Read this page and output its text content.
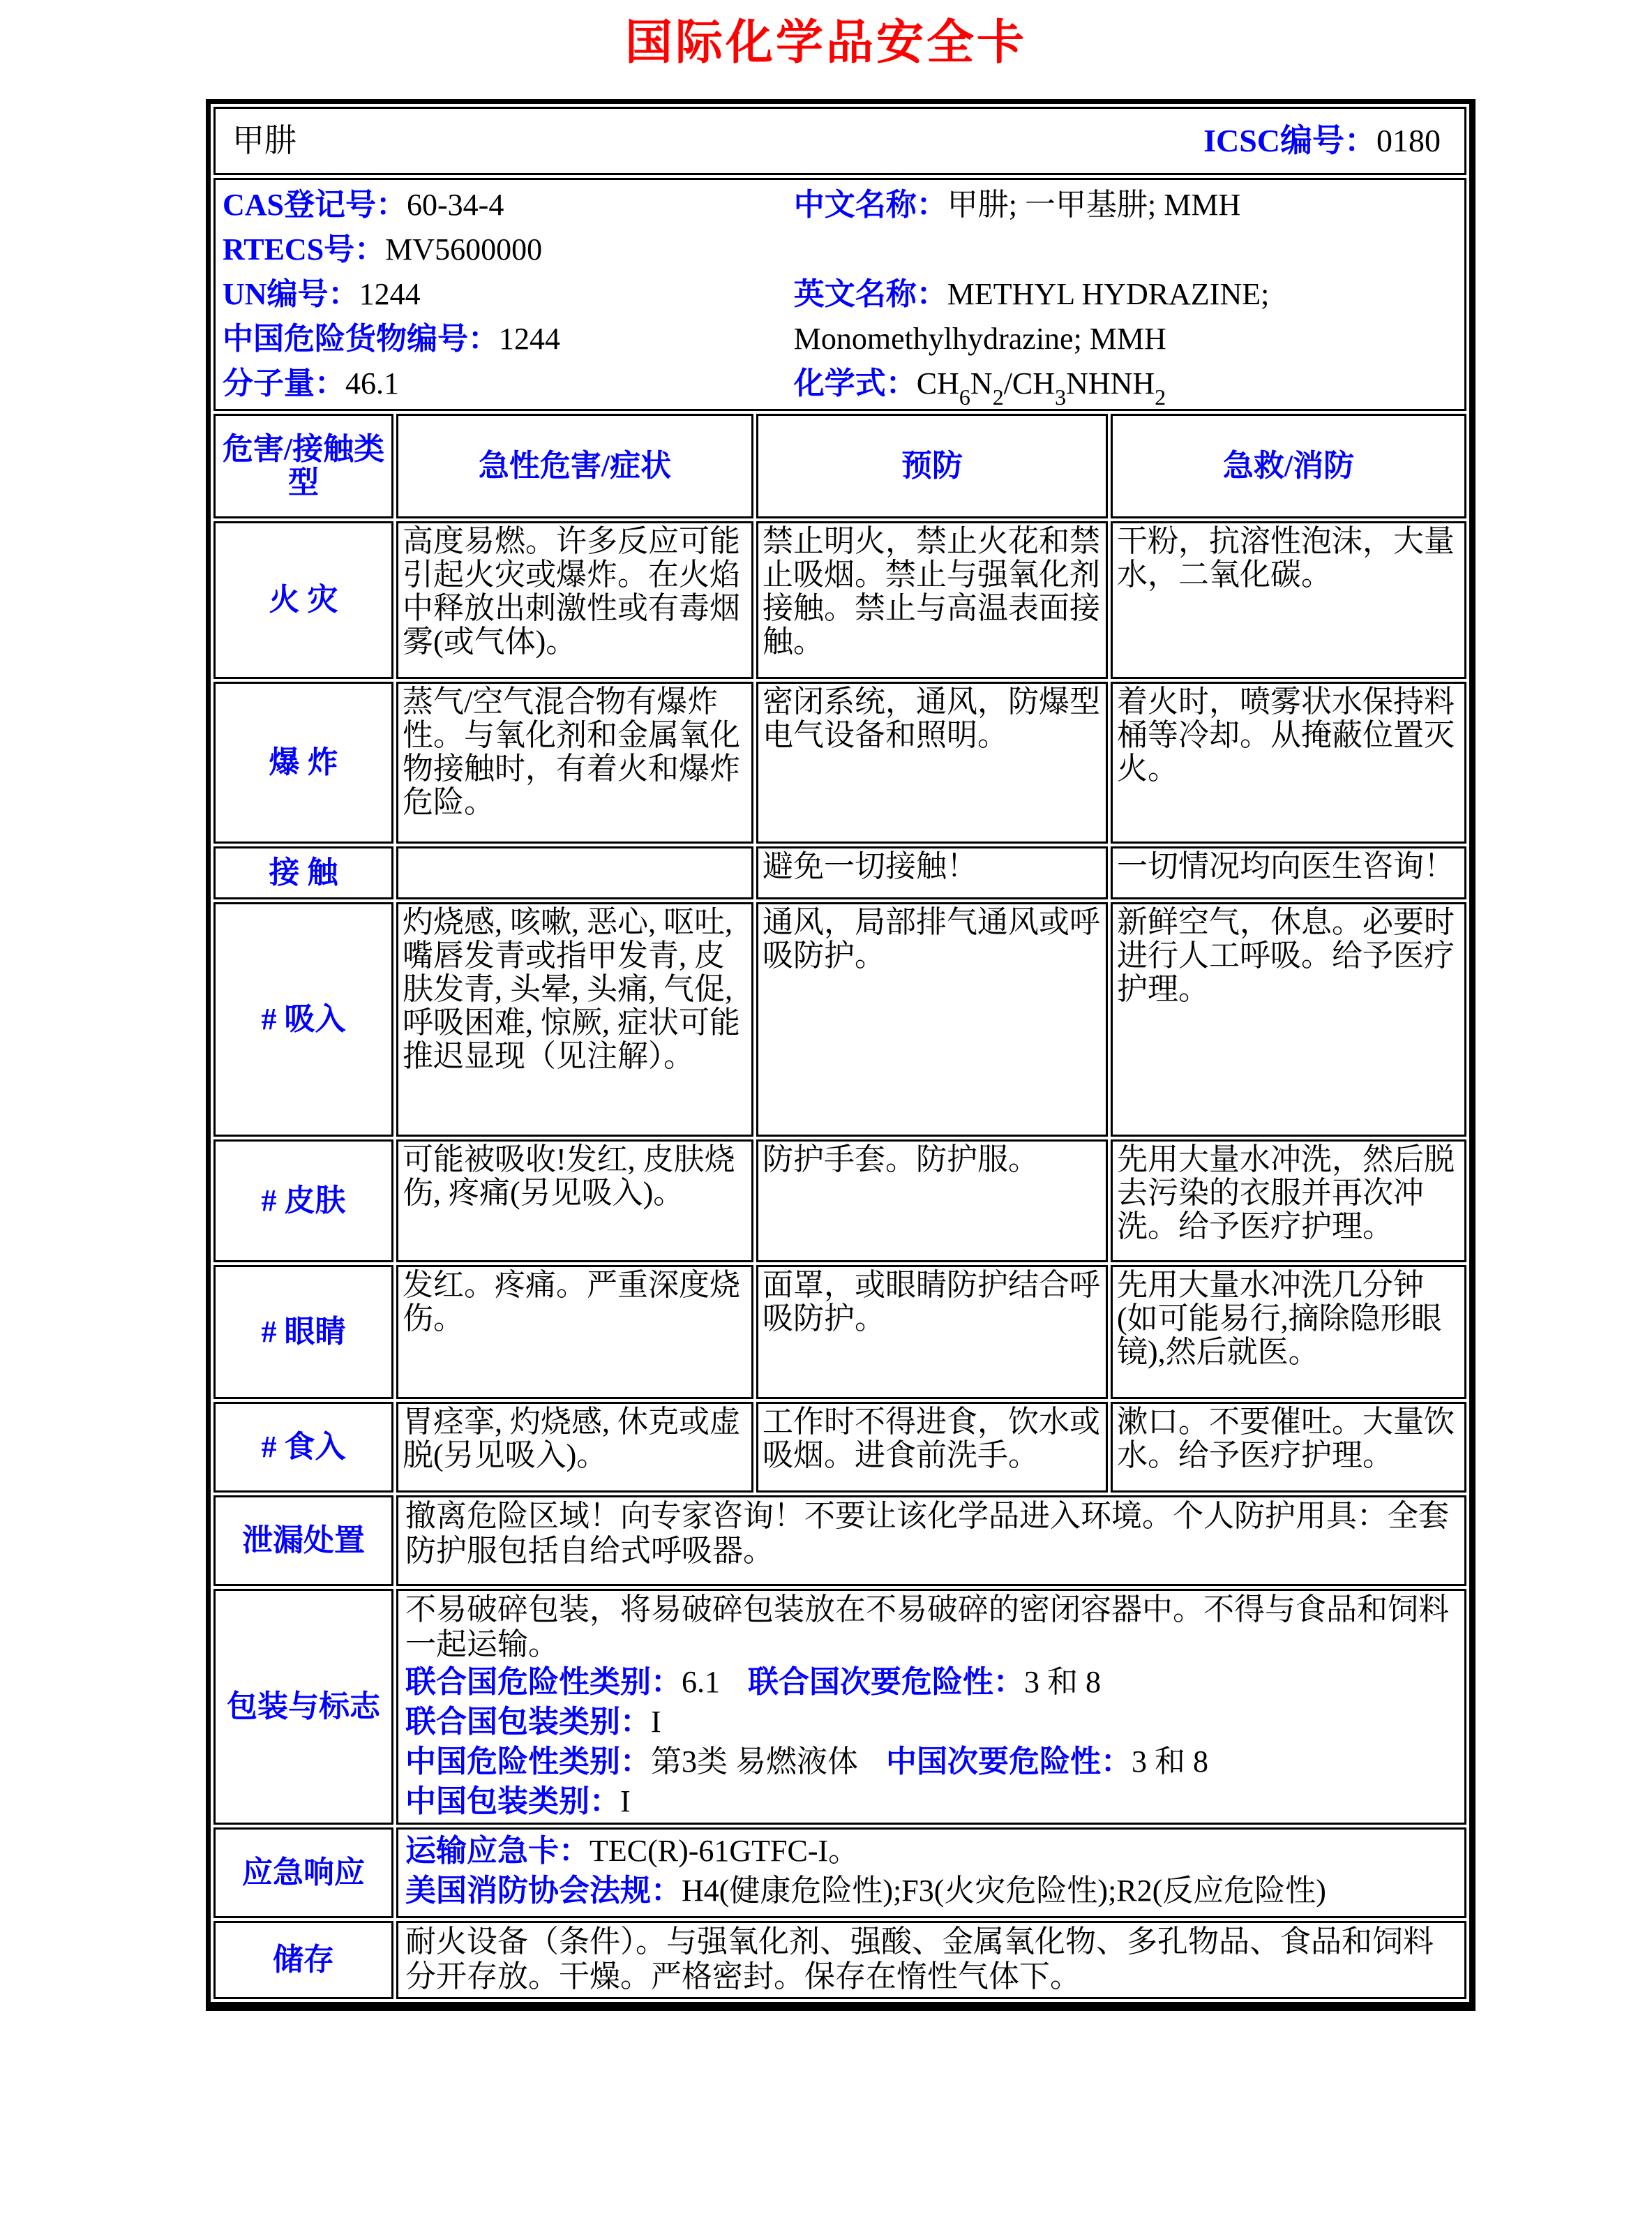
国际化学品安全卡
甲肼 ICSC编号：0180			

CAS登记号：60-34-4
RTECS号：MV5600000
UN编号：1244
中国危险货物编号：1244
分子量：46.1
中文名称：甲肼; 一甲基肼; MMH

英文名称：METHYL HYDRAZINE;
Monomethylhydrazine; MMH
化学式：$CH_6N_2/CH_3NHNH_2$

危害/接触类型	急性危害/症状	预防	急救/消防
火 灾	高度易燃。许多反应可能引起火灾或爆炸。在火焰中释放出刺激性或有毒烟雾(或气体)。	禁止明火，禁止火花和禁止吸烟。禁止与强氧化剂接触。禁止与高温表面接触。	干粉，抗溶性泡沫，大量水，二氧化碳。
爆 炸	蒸气/空气混合物有爆炸性。与氧化剂和金属氧化物接触时，有着火和爆炸危险。	密闭系统，通风，防爆型电气设备和照明。	着火时，喷雾状水保持料桶等冷却。从掩蔽位置灭火。
接 触		避免一切接触！	一切情况均向医生咨询！
# 吸入	灼烧感, 咳嗽, 恶心, 呕吐, 嘴唇发青或指甲发青, 皮肤发青, 头晕, 头痛, 气促, 呼吸困难, 惊厥, 症状可能推迟显现（见注解）。	通风，局部排气通风或呼吸防护。	新鲜空气，休息。必要时进行人工呼吸。给予医疗护理。
# 皮肤	可能被吸收!发红, 皮肤烧伤, 疼痛(另见吸入)。	防护手套。防护服。	先用大量水冲洗，然后脱去污染的衣服并再次冲洗。给予医疗护理。
# 眼睛	发红。疼痛。严重深度烧伤。	面罩，或眼睛防护结合呼吸防护。	先用大量水冲洗几分钟(如可能易行,摘除隐形眼镜),然后就医。
# 食入	胃痉挛, 灼烧感, 休克或虚脱(另见吸入)。	工作时不得进食，饮水或吸烟。进食前洗手。	漱口。不要催吐。大量饮水。给予医疗护理。
泄漏处置	撤离危险区域！向专家咨询！不要让该化学品进入环境。个人防护用具：全套防护服包括自给式呼吸器。		
包装与标志	不易破碎包装，将易破碎包装放在不易破碎的密闭容器中。不得与食品和饲料一起运输。
联合国危险性类别：6.1 联合国次要危险性：3 和 8
联合国包装类别：I
中国危险性类别：第3类 易燃液体 中国次要危险性：3 和 8
中国包装类别：I		

应急响应	运输应急卡：TEC(R)-61GTFC-I。
美国消防协会法规：H4(健康危险性);F3(火灾危险性);R2(反应危险性)		

储存	耐火设备（条件）。与强氧化剂、强酸、金属氧化物、多孔物品、食品和饲料分开存放。干燥。严格密封。保存在惰性气体下。		
